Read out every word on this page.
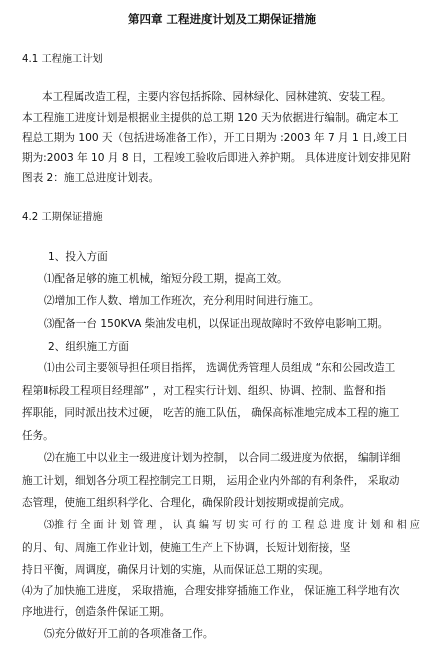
第四章 工程进度计划及工期保证措施
4.1 工程施工计划
本工程属改造工程，主要内容包括拆除、园林绿化、园林建筑、安装工程。
本工程施工进度计划是根据业主提供的总工期 120 天为依据进行编制。确定本工
程总工期为 100 天（包括进场准备工作），开工日期为 :2003 年 7 月 1 日,竣工日
期为:2003 年 10 月 8 日，工程竣工验收后即进入养护期。 具体进度计划安排见附
图表 2：施工总进度计划表。
4.2 工期保证措施
1、投入方面
⑴配备足够的施工机械，缩短分段工期，提高工效。
⑵增加工作人数、增加工作班次，充分利用时间进行施工。
⑶配备一台 150KVA 柴油发电机，以保证出现故障时不致停电影响工期。
2、组织施工方面
⑴由公司主要领导担任项目指挥， 选调优秀管理人员组成 “东和公园改造工
程第Ⅱ标段工程项目经理部” ，对工程实行计划、组织、协调、控制、监督和指
挥职能，同时派出技术过硬， 吃苦的施工队伍， 确保高标准地完成本工程的施工
任务。
⑵在施工中以业主一级进度计划为控制， 以合同二级进度为依据， 编制详细
施工计划，细划各分项工程控制完工日期， 运用企业内外部的有利条件， 采取动
态管理，使施工组织科学化、合理化，确保阶段计划按期或提前完成。
⑶推 行 全 面 计 划 管 理 ， 认 真 编 写 切 实 可 行 的 工 程 总 进 度 计 划 和 相 应
的月、旬、周施工作业计划，使施工生产上下协调，长短计划衔接，坚
持日平衡，周调度，确保月计划的实施，从而保证总工期的实现。
⑷为了加快施工进度， 采取措施，合理安排穿插施工作业， 保证施工科学地有次
序地进行，创造条件保证工期。
⑸充分做好开工前的各项准备工作。
